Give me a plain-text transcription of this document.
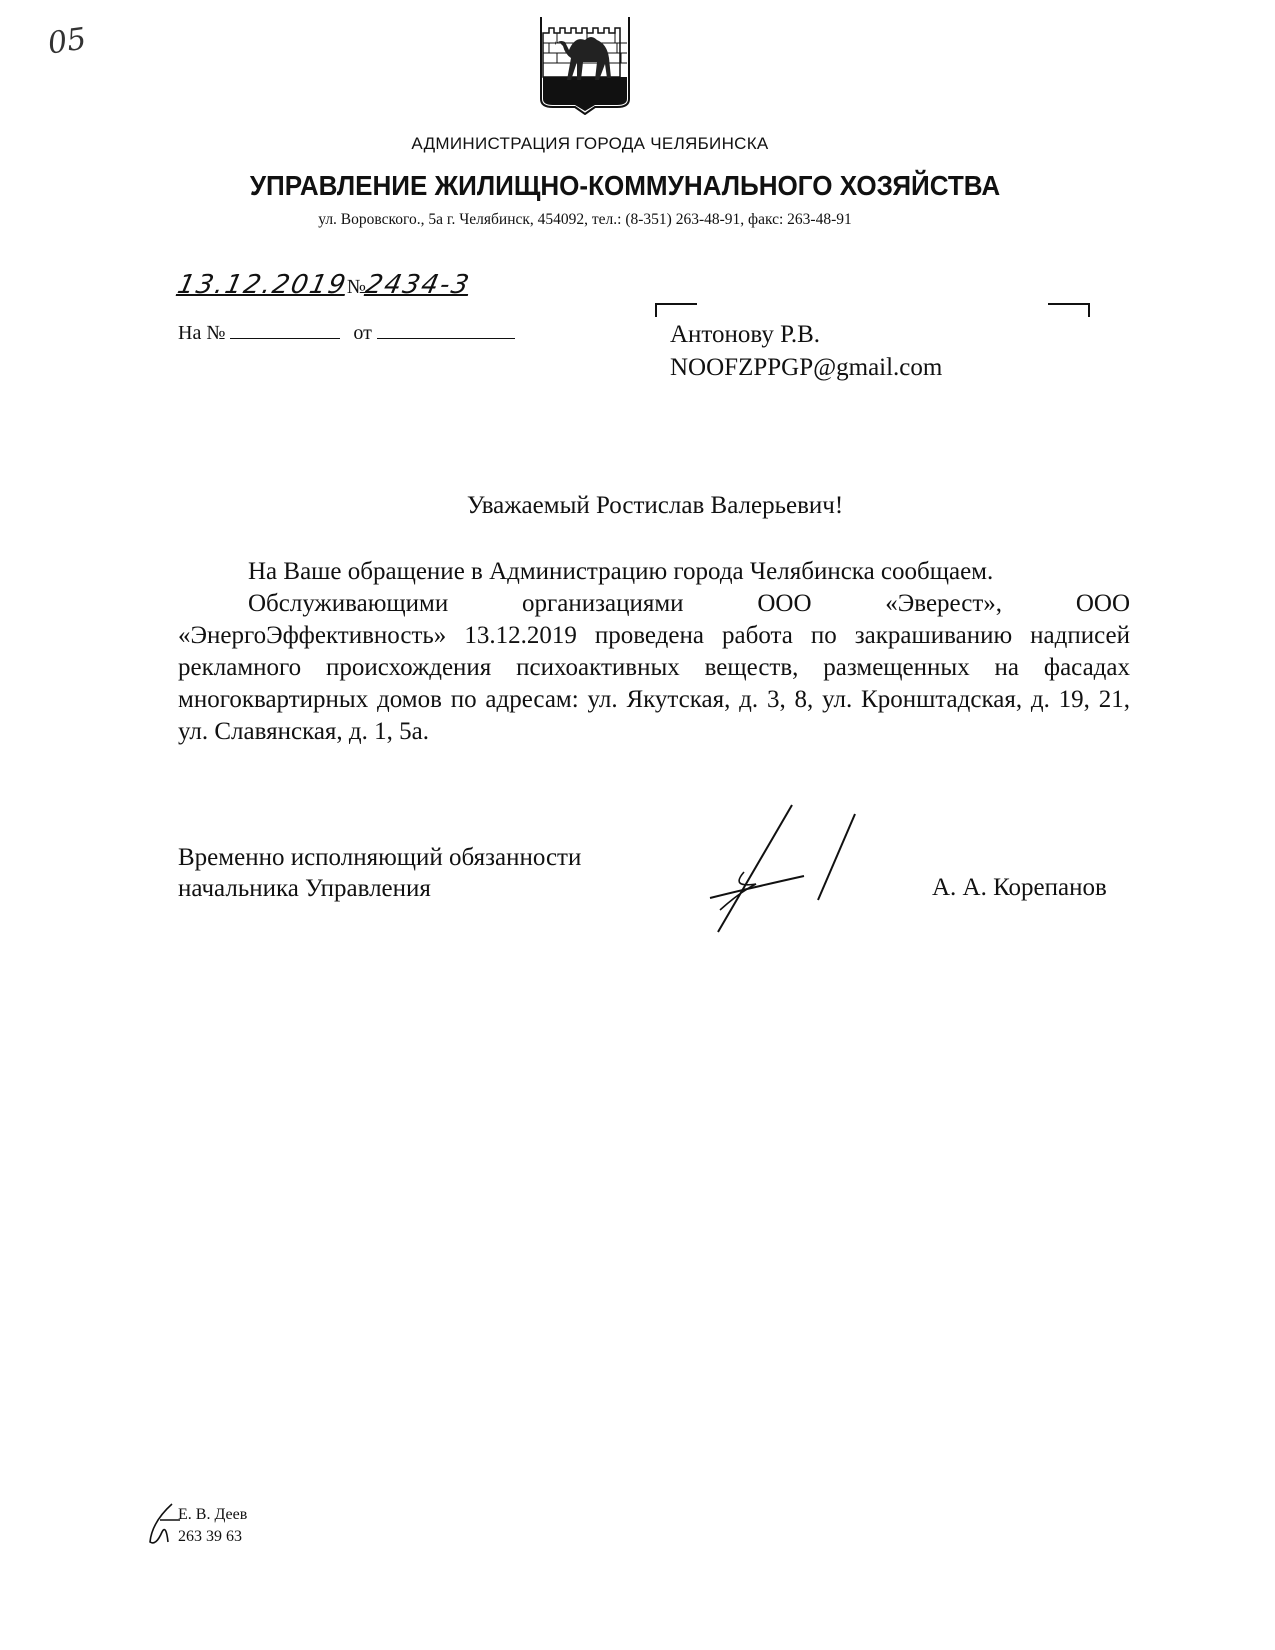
05
АДМИНИСТРАЦИЯ ГОРОДА ЧЕЛЯБИНСКА
УПРАВЛЕНИЕ ЖИЛИЩНО-КОММУНАЛЬНОГО ХОЗЯЙСТВА
ул. Воровского., 5а г. Челябинск, 454092, тел.: (8-351) 263-48-91, факс: 263-48-91
13.12.2019№2434-3
На №	от	Антонову Р.В.
NOOFZPPGP@gmail.com
Уважаемый Ростислав Валерьевич!

На Ваше обращение в Администрацию города Челябинска сообщаем.

Обслуживающими организациями ООО «Эверест», ООО «ЭнергоЭффективность» 13.12.2019 проведена работа по закрашиванию надписей рекламного происхождения психоактивных веществ, размещенных на фасадах многоквартирных домов по адресам: ул. Якутская, д. 3, 8, ул. Кронштадская, д. 19, 21, ул. Славянская, д. 1, 5а.

Временно исполняющий обязанности
начальника Управления	А. А. Корепанов
Е. В. Деев
263 39 63
